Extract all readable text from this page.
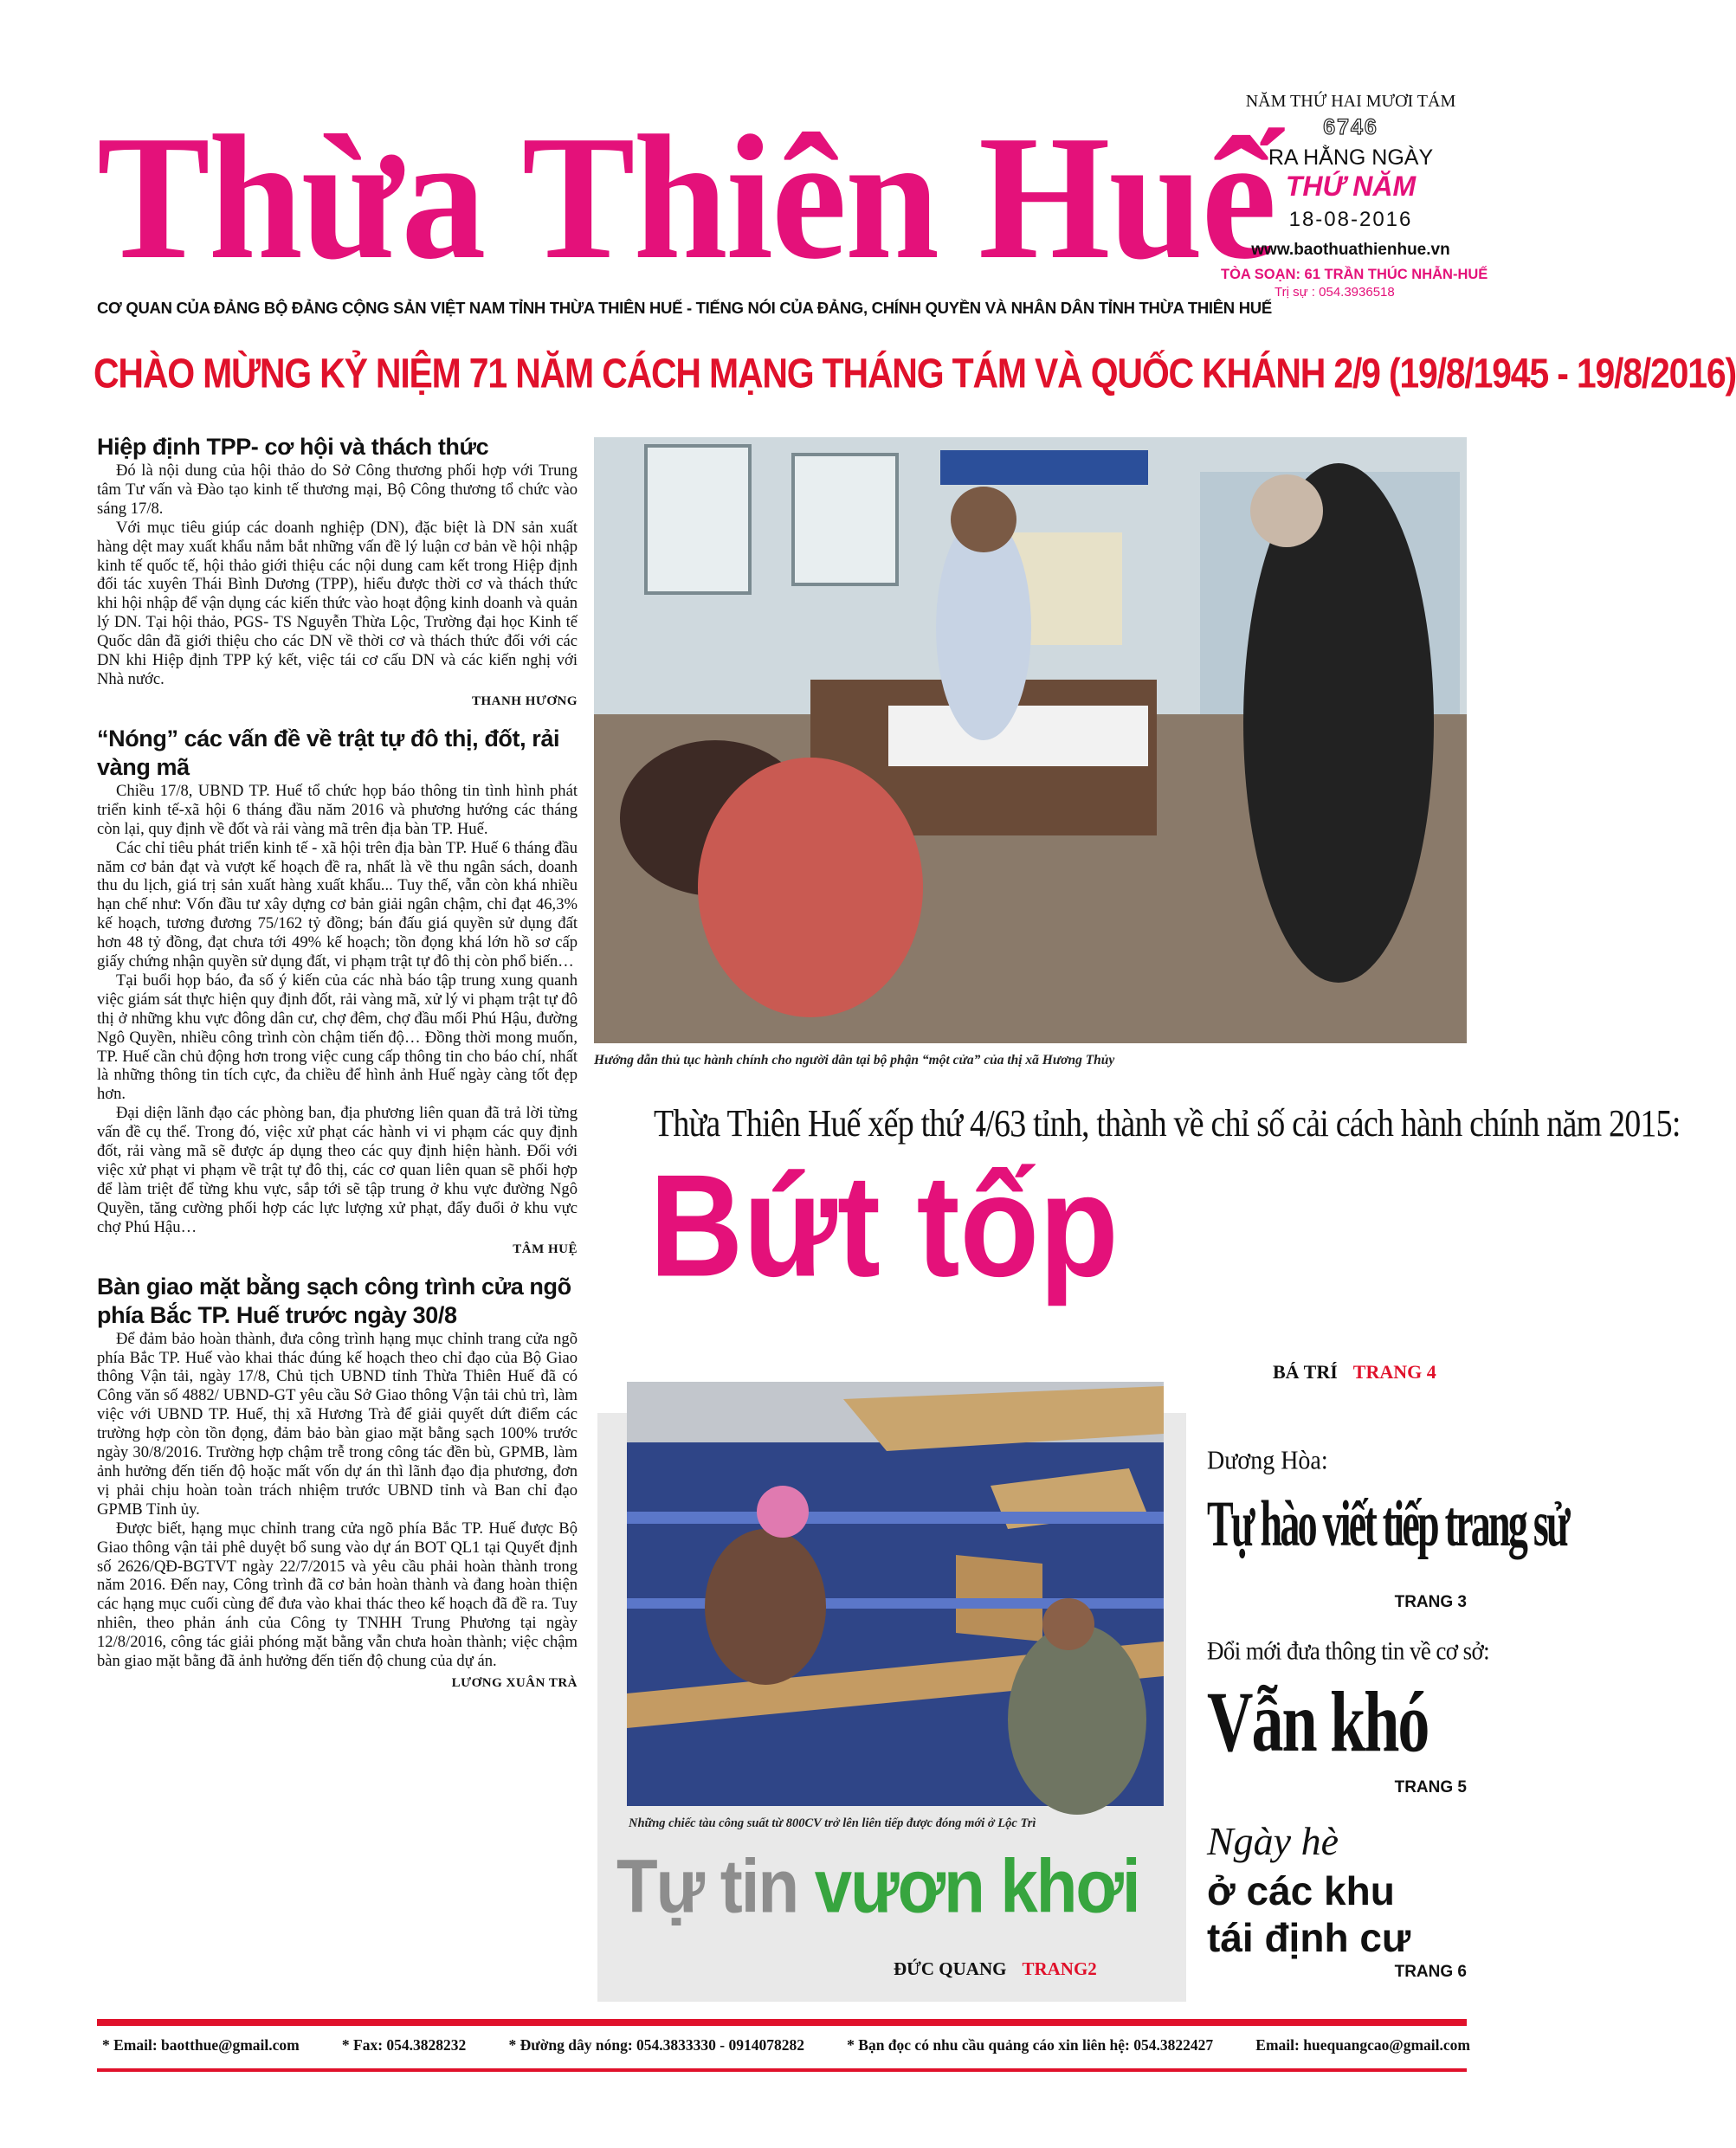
Thừa Thiên Huế
CƠ QUAN CỦA ĐẢNG BỘ ĐẢNG CỘNG SẢN VIỆT NAM TỈNH THỪA THIÊN HUẾ - TIẾNG NÓI CỦA ĐẢNG, CHÍNH QUYỀN VÀ NHÂN DÂN TỈNH THỪA THIÊN HUẾ
NĂM THỨ HAI MƯƠI TÁM
6746
RA HẰNG NGÀY
THỨ NĂM
18-08-2016
www.baothuathienhue.vn
TÒA SOẠN: 61 TRẦN THÚC NHẪN-HUẾ
Trị sự : 054.3936518
CHÀO MỪNG KỶ NIỆM 71 NĂM CÁCH MẠNG THÁNG TÁM VÀ QUỐC KHÁNH 2/9 (19/8/1945 - 19/8/2016)
Hiệp định TPP- cơ hội và thách thức

Đó là nội dung của hội thảo do Sở Công thương phối hợp với Trung tâm Tư vấn và Đào tạo kinh tế thương mại, Bộ Công thương tổ chức vào sáng 17/8.

Với mục tiêu giúp các doanh nghiệp (DN), đặc biệt là DN sản xuất hàng dệt may xuất khẩu nắm bắt những vấn đề lý luận cơ bản về hội nhập kinh tế quốc tế, hội thảo giới thiệu các nội dung cam kết trong Hiệp định đối tác xuyên Thái Bình Dương (TPP), hiểu được thời cơ và thách thức khi hội nhập để vận dụng các kiến thức vào hoạt động kinh doanh và quản lý DN. Tại hội thảo, PGS- TS Nguyễn Thừa Lộc, Trường đại học Kinh tế Quốc dân đã giới thiệu cho các DN về thời cơ và thách thức đối với các DN khi Hiệp định TPP ký kết, việc tái cơ cấu DN và các kiến nghị với Nhà nước.

THANH HƯƠNG
“Nóng” các vấn đề về trật tự đô thị, đốt, rải vàng mã

Chiều 17/8, UBND TP. Huế tổ chức họp báo thông tin tình hình phát triển kinh tế-xã hội 6 tháng đầu năm 2016 và phương hướng các tháng còn lại, quy định về đốt và rải vàng mã trên địa bàn TP. Huế.

Các chỉ tiêu phát triển kinh tế - xã hội trên địa bàn TP. Huế 6 tháng đầu năm cơ bản đạt và vượt kế hoạch đề ra, nhất là về thu ngân sách, doanh thu du lịch, giá trị sản xuất hàng xuất khẩu... Tuy thế, vẫn còn khá nhiều hạn chế như: Vốn đầu tư xây dựng cơ bản giải ngân chậm, chỉ đạt 46,3% kế hoạch, tương đương 75/162 tỷ đồng; bán đấu giá quyền sử dụng đất hơn 48 tỷ đồng, đạt chưa tới 49% kế hoạch; tồn đọng khá lớn hồ sơ cấp giấy chứng nhận quyền sử dụng đất, vi phạm trật tự đô thị còn phổ biến…

Tại buổi họp báo, đa số ý kiến của các nhà báo tập trung xung quanh việc giám sát thực hiện quy định đốt, rải vàng mã, xử lý vi phạm trật tự đô thị ở những khu vực đông dân cư, chợ đêm, chợ đầu mối Phú Hậu, đường Ngô Quyền, nhiều công trình còn chậm tiến độ… Đồng thời mong muốn, TP. Huế cần chủ động hơn trong việc cung cấp thông tin cho báo chí, nhất là những thông tin tích cực, đa chiều để hình ảnh Huế ngày càng tốt đẹp hơn.

Đại diện lãnh đạo các phòng ban, địa phương liên quan đã trả lời từng vấn đề cụ thể. Trong đó, việc xử phạt các hành vi vi phạm các quy định đốt, rải vàng mã sẽ được áp dụng theo các quy định hiện hành. Đối với việc xử phạt vi phạm về trật tự đô thị, các cơ quan liên quan sẽ phối hợp để làm triệt để từng khu vực, sắp tới sẽ tập trung ở khu vực đường Ngô Quyền, tăng cường phối hợp các lực lượng xử phạt, đẩy đuổi ở khu vực chợ Phú Hậu…

TÂM HUỆ
Bàn giao mặt bằng sạch công trình cửa ngõ phía Bắc TP. Huế trước ngày 30/8

Để đảm bảo hoàn thành, đưa công trình hạng mục chỉnh trang cửa ngõ phía Bắc TP. Huế vào khai thác đúng kế hoạch theo chỉ đạo của Bộ Giao thông Vận tải, ngày 17/8, Chủ tịch UBND tỉnh Thừa Thiên Huế đã có Công văn số 4882/ UBND-GT yêu cầu Sở Giao thông Vận tải chủ trì, làm việc với UBND TP. Huế, thị xã Hương Trà để giải quyết dứt điểm các trường hợp còn tồn đọng, đảm bảo bàn giao mặt bằng sạch 100% trước ngày 30/8/2016. Trường hợp chậm trễ trong công tác đền bù, GPMB, làm ảnh hưởng đến tiến độ hoặc mất vốn dự án thì lãnh đạo địa phương, đơn vị phải chịu hoàn toàn trách nhiệm trước UBND tỉnh và Ban chỉ đạo GPMB Tỉnh ủy.

Được biết, hạng mục chỉnh trang cửa ngõ phía Bắc TP. Huế được Bộ Giao thông vận tải phê duyệt bổ sung vào dự án BOT QL1 tại Quyết định số 2626/QĐ-BGTVT ngày 22/7/2015 và yêu cầu phải hoàn thành trong năm 2016. Đến nay, Công trình đã cơ bản hoàn thành và đang hoàn thiện các hạng mục cuối cùng để đưa vào khai thác theo kế hoạch đã đề ra. Tuy nhiên, theo phản ánh của Công ty TNHH Trung Phương tại ngày 12/8/2016, công tác giải phóng mặt bằng vẫn chưa hoàn thành; việc chậm bàn giao mặt bằng đã ảnh hưởng đến tiến độ chung của dự án.

LƯƠNG XUÂN TRÀ
Hướng dẫn thủ tục hành chính cho người dân tại bộ phận “một cửa” của thị xã Hương Thủy
Thừa Thiên Huế xếp thứ 4/63 tỉnh, thành về chỉ số cải cách hành chính năm 2015:
Bứt tốp
BÁ TRÍ TRANG 4
Những chiếc tàu công suất từ 800CV trở lên liên tiếp được đóng mới ở Lộc Trì
Tự tin vươn khơi
ĐỨC QUANG TRANG2
Dương Hòa:
Tự hào viết tiếp trang sử
TRANG 3
Đổi mới đưa thông tin về cơ sở:
Vẫn khó
TRANG 5
Ngày hè
ở các khu
tái định cư
TRANG 6
* Email: baotthue@gmail.com	* Fax: 054.3828232	* Đường dây nóng: 054.3833330 - 0914078282	* Bạn đọc có nhu cầu quảng cáo xin liên hệ: 054.3822427	Email: huequangcao@gmail.com
